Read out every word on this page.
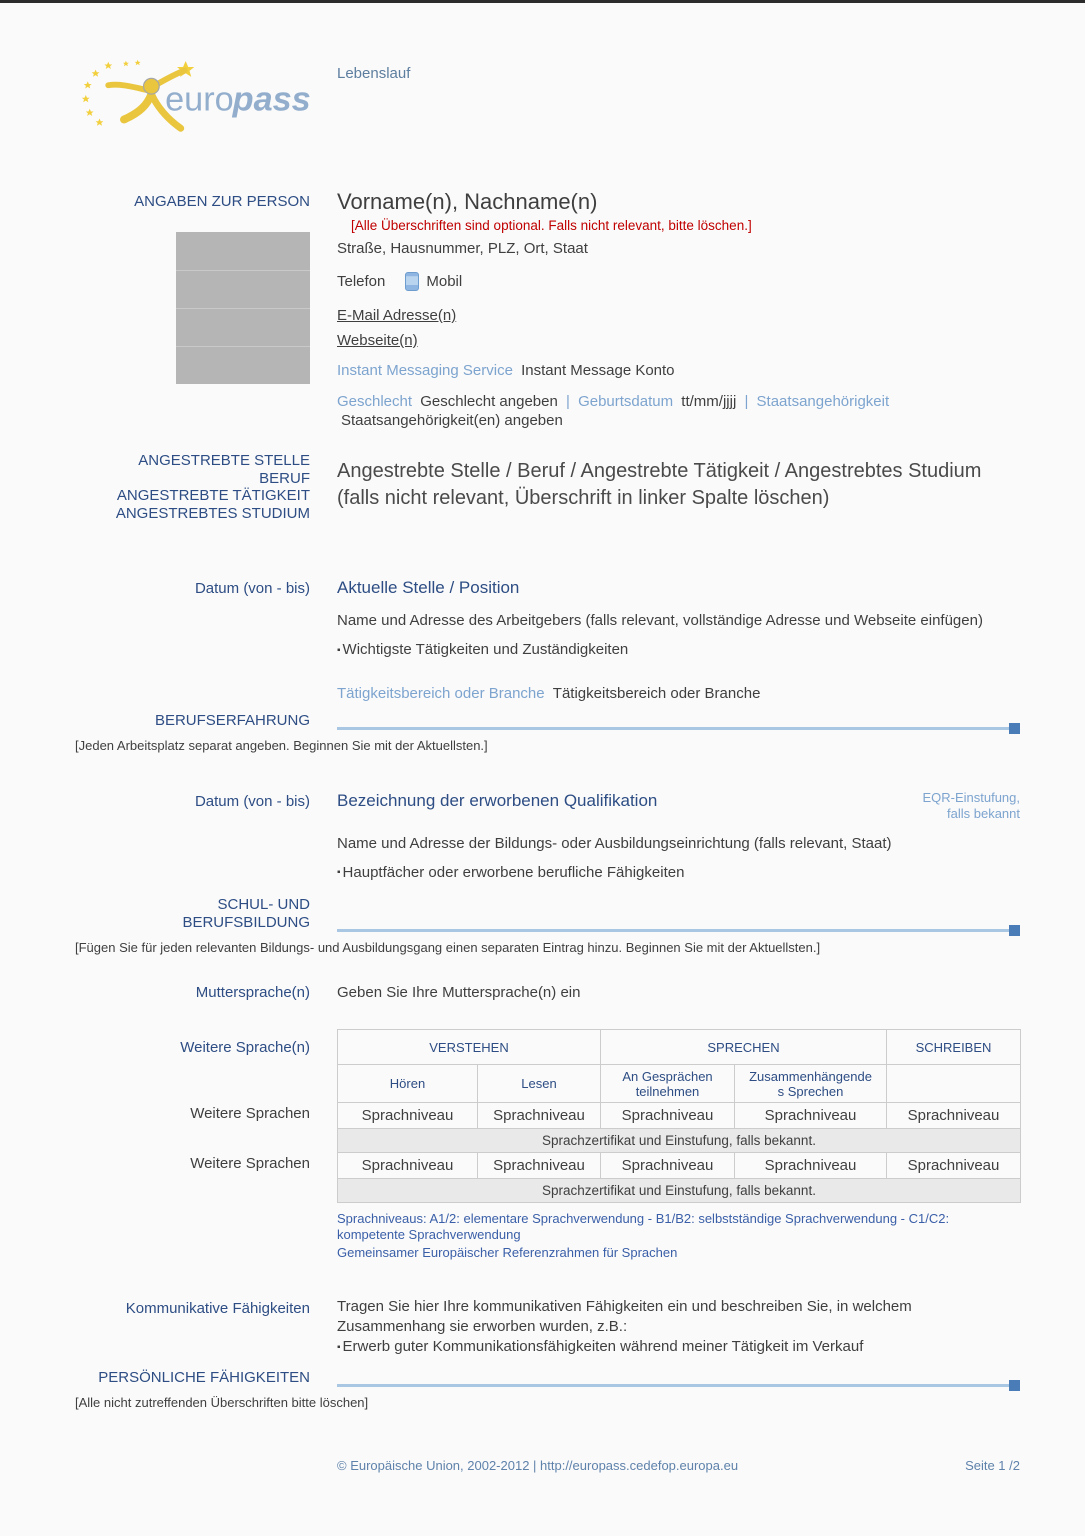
euro
pass
Lebenslauf
ANGABEN ZUR PERSON Vorname(n), Nachname(n)
[Alle Überschriften sind optional. Falls nicht relevant, bitte löschen.]
Straße, Hausnummer, PLZ, Ort, Staat
Telefon	Mobil
E-Mail Adresse(n)
Webseite(n)
Instant Messaging Service Instant Message Konto
Geschlecht Geschlecht angeben | Geburtsdatum tt/mm/jjjj | Staatsangehörigkeit Staatsangehörigkeit(en) angeben
ANGESTREBTE STELLE
BERUF
ANGESTREBTE TÄTIGKEIT
ANGESTREBTES STUDIUM
Angestrebte Stelle / Beruf / Angestrebte Tätigkeit / Angestrebtes Studium (falls nicht relevant, Überschrift in linker Spalte löschen)
Datum (von - bis) Aktuelle Stelle / Position
Name und Adresse des Arbeitgebers (falls relevant, vollständige Adresse und Webseite einfügen)
▪ Wichtigste Tätigkeiten und Zuständigkeiten
Tätigkeitsbereich oder Branche Tätigkeitsbereich oder Branche
BERUFSERFAHRUNG
[Jeden Arbeitsplatz separat angeben. Beginnen Sie mit der Aktuellsten.]
Datum (von - bis) Bezeichnung der erworbenen Qualifikation	EQR-Einstufung,
falls bekannt
Name und Adresse der Bildungs- oder Ausbildungseinrichtung (falls relevant, Staat)
▪ Hauptfächer oder erworbene berufliche Fähigkeiten
SCHUL- UND
BERUFSBILDUNG
[Fügen Sie für jeden relevanten Bildungs- und Ausbildungsgang einen separaten Eintrag hinzu. Beginnen Sie mit der Aktuellsten.]
Muttersprache(n) Geben Sie Ihre Muttersprache(n) ein
Weitere Sprache(n)
Weitere Sprachen
Weitere Sprachen
VERSTEHEN		SPRECHEN		SCHREIBEN
Hören	Lesen	An Gesprächen teilnehmen	Zusammenhängende
s Sprechen	

Sprachniveau	Sprachniveau	Sprachniveau	Sprachniveau	Sprachniveau
Sprachzertifikat und Einstufung, falls bekannt.				
Sprachniveau	Sprachniveau	Sprachniveau	Sprachniveau	Sprachniveau
Sprachzertifikat und Einstufung, falls bekannt.				
Sprachniveaus: A1/2: elementare Sprachverwendung - B1/B2: selbstständige Sprachverwendung - C1/C2: kompetente Sprachverwendung
Gemeinsamer Europäischer Referenzrahmen für Sprachen
Kommunikative Fähigkeiten Tragen Sie hier Ihre kommunikativen Fähigkeiten ein und beschreiben Sie, in welchem Zusammenhang sie erworben wurden, z.B.:
▪ Erwerb guter Kommunikationsfähigkeiten während meiner Tätigkeit im Verkauf
PERSÖNLICHE FÄHIGKEITEN
[Alle nicht zutreffenden Überschriften bitte löschen]
© Europäische Union, 2002-2012 | http://europass.cedefop.europa.eu	Seite 1 /2
